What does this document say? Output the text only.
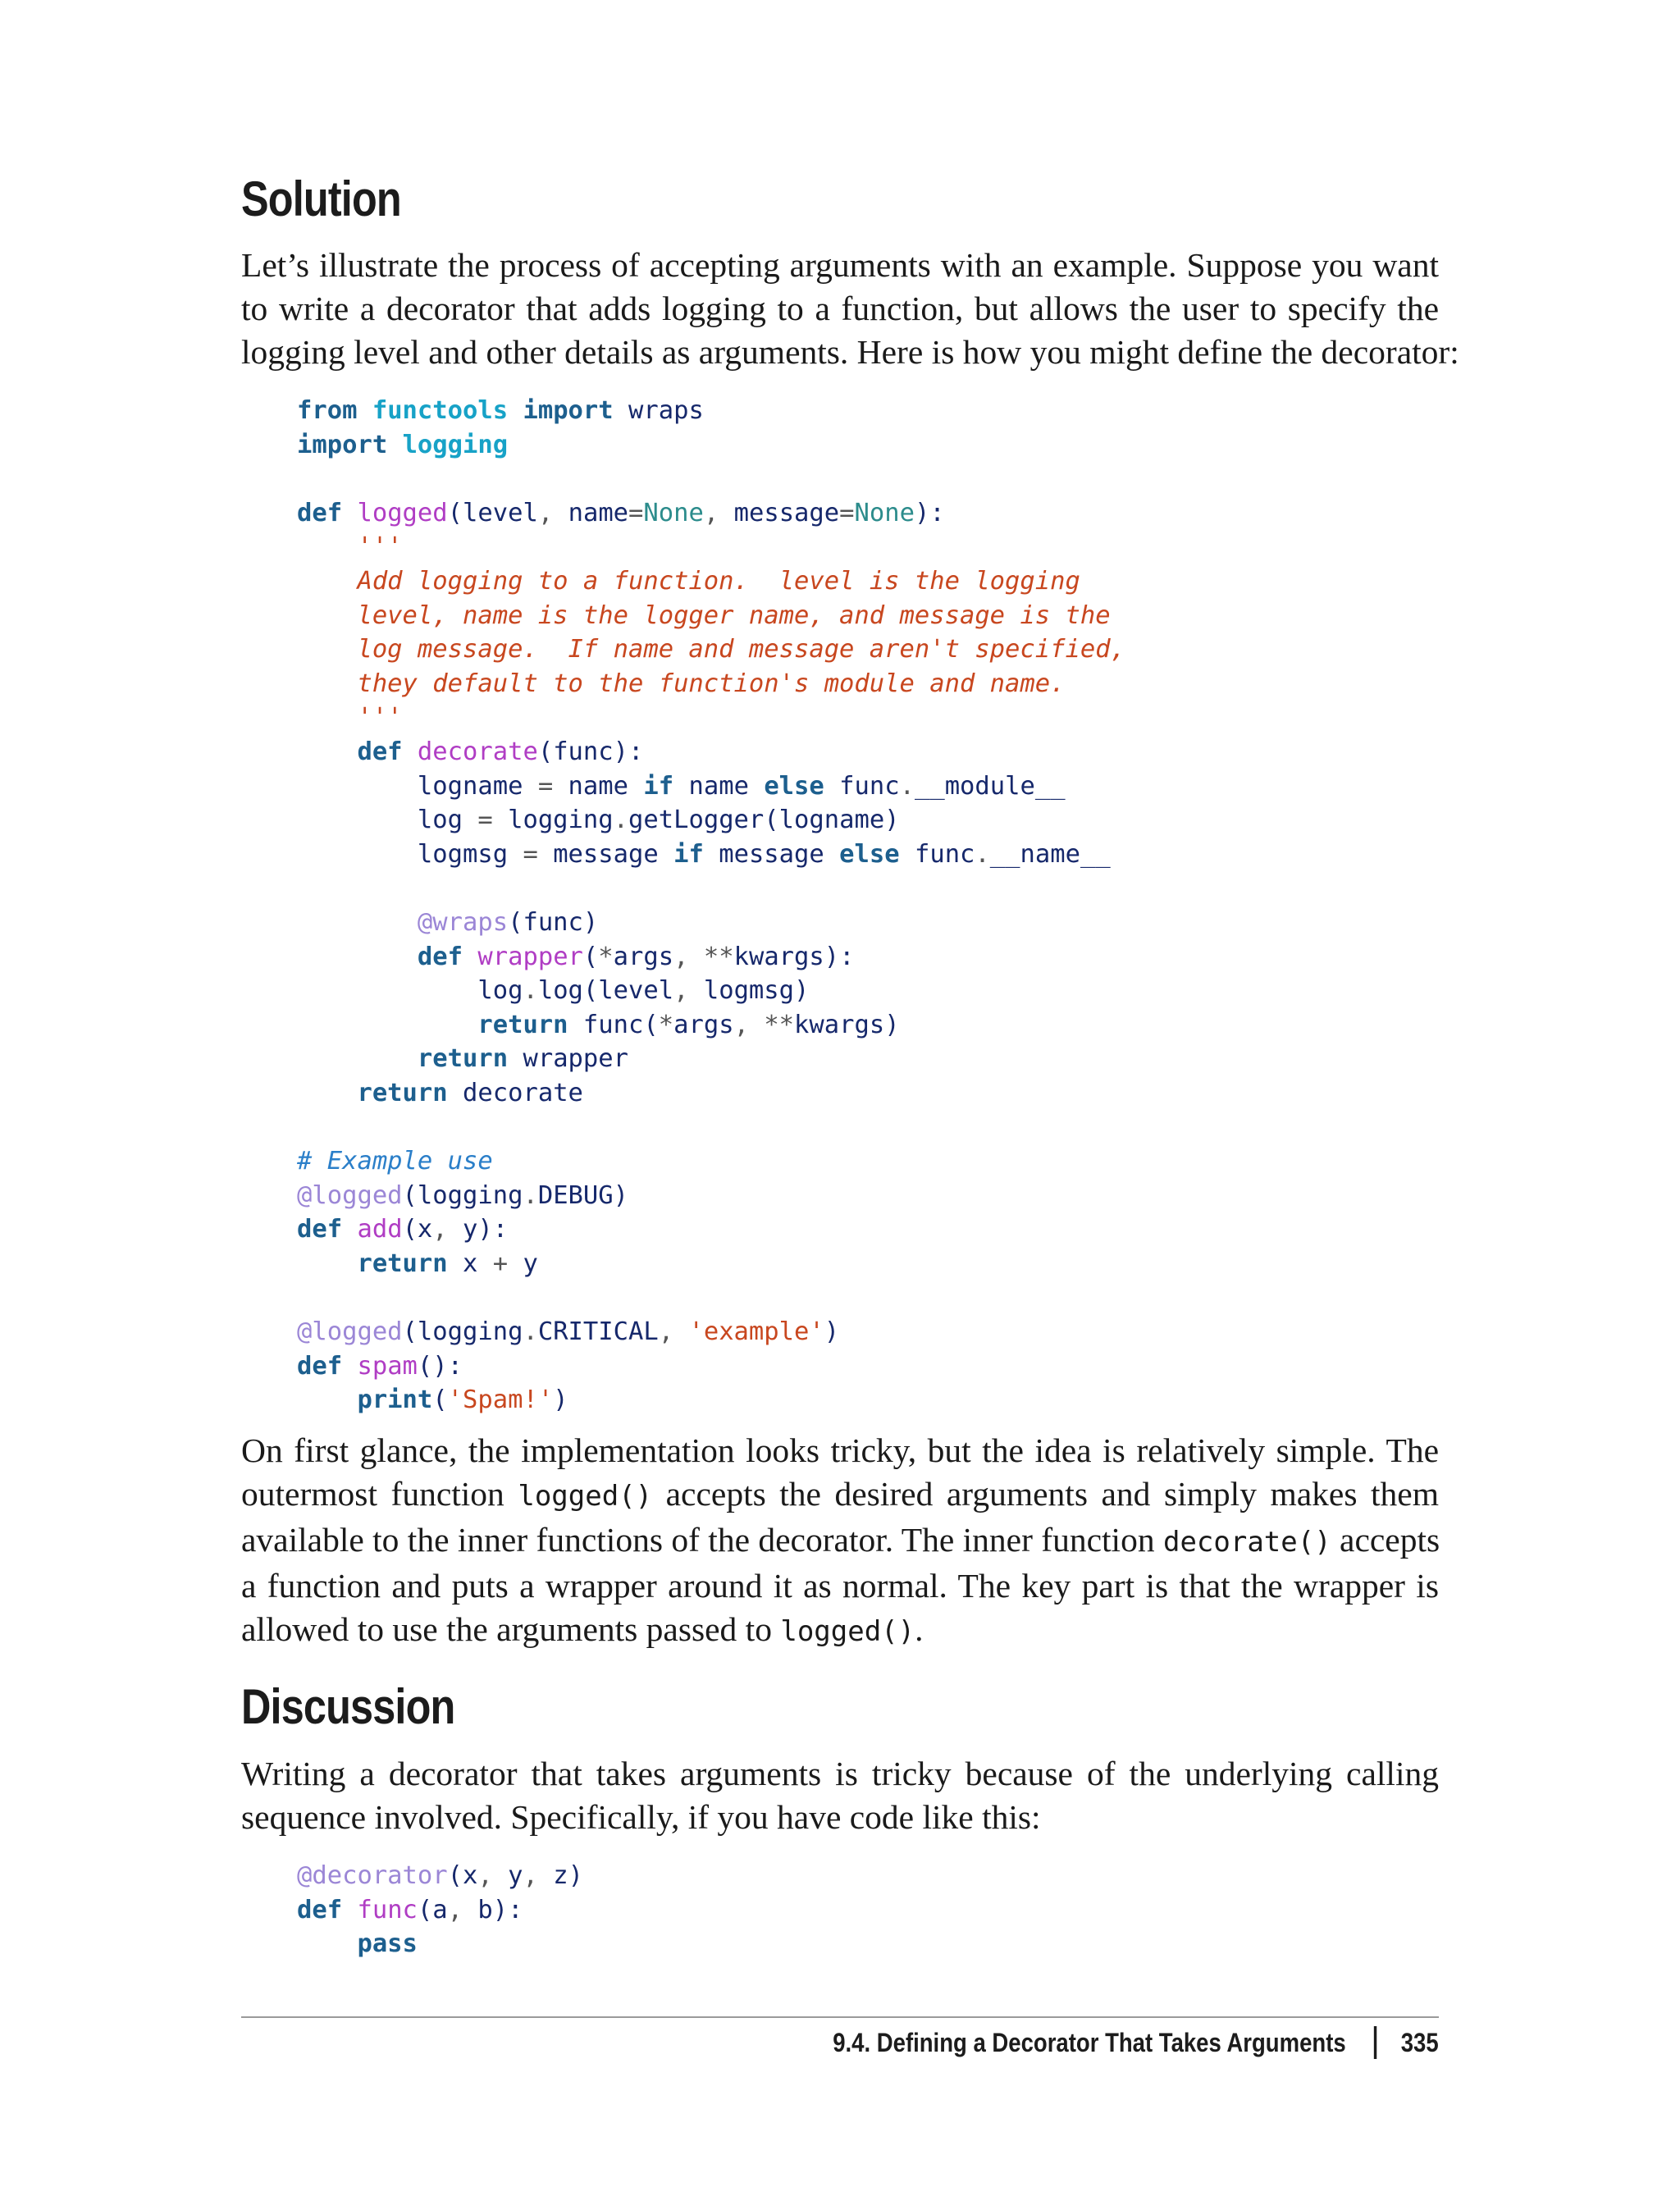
Solution
Let’s illustrate the process of accepting arguments with an example. Suppose you want
to write a decorator that adds logging to a function, but allows the user to specify the
logging level and other details as arguments. Here is how you might define the decorator:
from functools import wraps
import logging

def logged(level, name=None, message=None):
'''
Add logging to a function.  level is the logging
level, name is the logger name, and message is the
log message.  If name and message aren't specified,
they default to the function's module and name.
'''
def decorate(func):
logname = name if name else func.__module__
log = logging.getLogger(logname)
logmsg = message if message else func.__name__

@wraps(func)
def wrapper(*args, **kwargs):
log.log(level, logmsg)
return func(*args, **kwargs)
return wrapper
return decorate

# Example use
@logged(logging.DEBUG)
def add(x, y):
return x + y

@logged(logging.CRITICAL, 'example')
def spam():
print('Spam!')
On first glance, the implementation looks tricky, but the idea is relatively simple. The
outermost function logged() accepts the desired arguments and simply makes them
available to the inner functions of the decorator. The inner function decorate() accepts
a function and puts a wrapper around it as normal. The key part is that the wrapper is
allowed to use the arguments passed to logged().
Discussion
Writing a decorator that takes arguments is tricky because of the underlying calling
sequence involved. Specifically, if you have code like this:
@decorator(x, y, z)
def func(a, b):
pass
9.4. Defining a Decorator That Takes Arguments 335
